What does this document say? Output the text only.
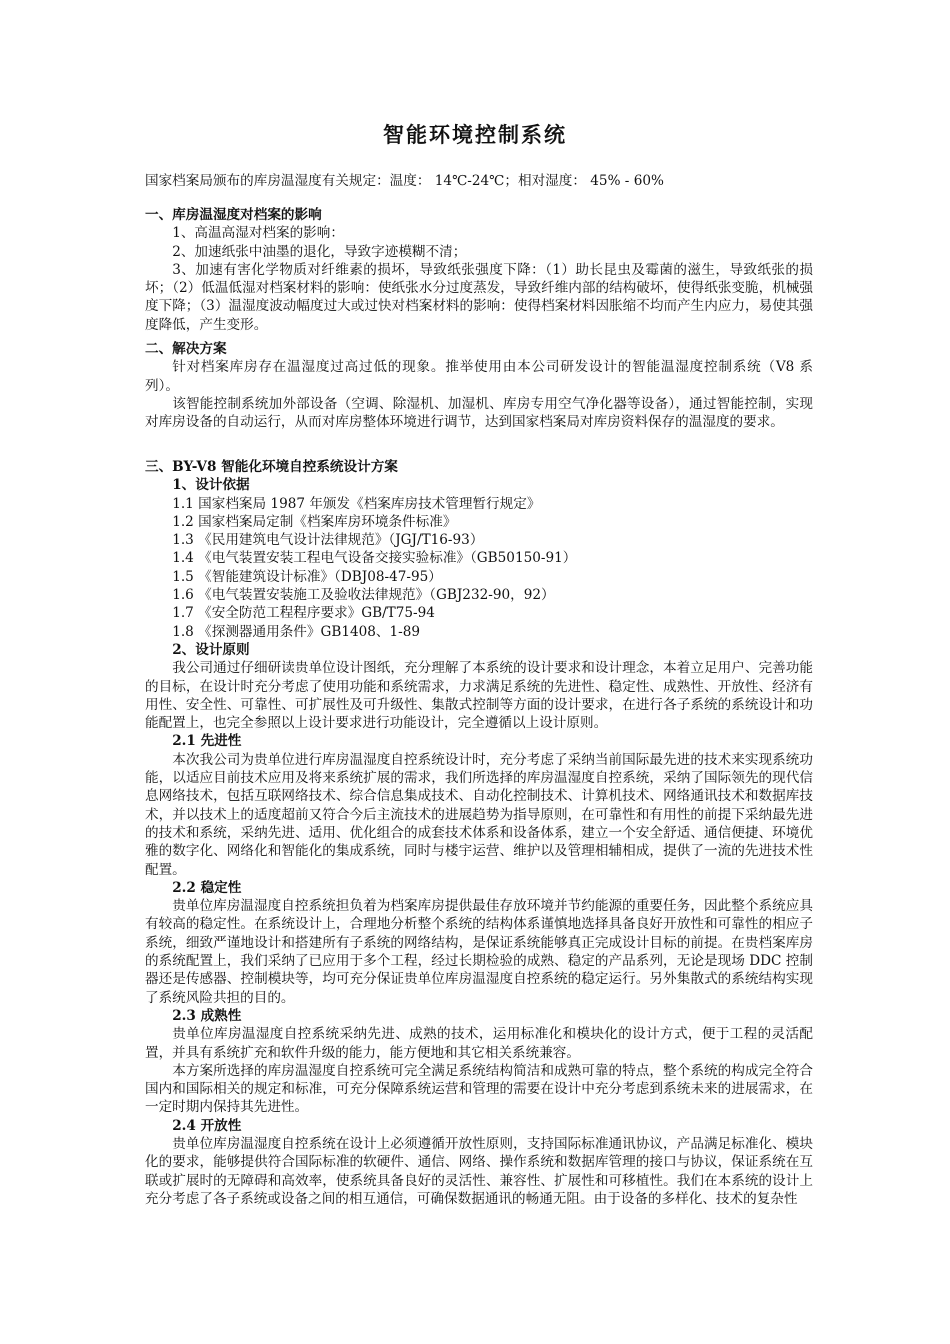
智能环境控制系统

国家档案局颁布的库房温湿度有关规定：温度： 14℃-24℃；相对湿度： 45% - 60%

一、库房温湿度对档案的影响

1、高温高湿对档案的影响：

2、加速纸张中油墨的退化，导致字迹模糊不清；

3、加速有害化学物质对纤维素的损坏，导致纸张强度下降：（1）助长昆虫及霉菌的滋生，导致纸张的损坏；（2）低温低湿对档案材料的影响：使纸张水分过度蒸发，导致纤维内部的结构破坏，使得纸张变脆，机械强度下降；（3）温湿度波动幅度过大或过快对档案材料的影响：使得档案材料因胀缩不均而产生内应力，易使其强度降低，产生变形。

二、解决方案

针对档案库房存在温湿度过高过低的现象。推举使用由本公司研发设计的智能温湿度控制系统（V8 系列）。

该智能控制系统加外部设备（空调、除湿机、加湿机、库房专用空气净化器等设备），通过智能控制，实现对库房设备的自动运行，从而对库房整体环境进行调节，达到国家档案局对库房资料保存的温湿度的要求。

三、BY-V8 智能化环境自控系统设计方案

1、设计依据

1.1 国家档案局 1987 年颁发《档案库房技术管理暂行规定》

1.2 国家档案局定制《档案库房环境条件标准》

1.3 《民用建筑电气设计法律规范》（JGJ/T16-93）

1.4 《电气装置安装工程电气设备交接实验标准》（GB50150-91）

1.5 《智能建筑设计标准》（DBJ08-47-95）

1.6 《电气装置安装施工及验收法律规范》（GBJ232-90，92）

1.7 《安全防范工程程序要求》GB/T75-94

1.8 《探测器通用条件》GB1408、1-89

2、设计原则

我公司通过仔细研读贵单位设计图纸，充分理解了本系统的设计要求和设计理念，本着立足用户、完善功能的目标，在设计时充分考虑了使用功能和系统需求，力求满足系统的先进性、稳定性、成熟性、开放性、经济有用性、安全性、可靠性、可扩展性及可升级性、集散式控制等方面的设计要求，在进行各子系统的系统设计和功能配置上，也完全参照以上设计要求进行功能设计，完全遵循以上设计原则。

2.1 先进性

本次我公司为贵单位进行库房温湿度自控系统设计时，充分考虑了采纳当前国际最先进的技术来实现系统功能，以适应目前技术应用及将来系统扩展的需求，我们所选择的库房温湿度自控系统，采纳了国际领先的现代信息网络技术，包括互联网络技术、综合信息集成技术、自动化控制技术、计算机技术、网络通讯技术和数据库技术，并以技术上的适度超前又符合今后主流技术的进展趋势为指导原则，在可靠性和有用性的前提下采纳最先进的技术和系统，采纳先进、适用、优化组合的成套技术体系和设备体系，建立一个安全舒适、通信便捷、环境优雅的数字化、网络化和智能化的集成系统，同时与楼宇运营、维护以及管理相辅相成，提供了一流的先进技术性配置。

2.2 稳定性

贵单位库房温湿度自控系统担负着为档案库房提供最佳存放环境并节约能源的重要任务，因此整个系统应具有较高的稳定性。在系统设计上，合理地分析整个系统的结构体系谨慎地选择具备良好开放性和可靠性的相应子系统，细致严谨地设计和搭建所有子系统的网络结构，是保证系统能够真正完成设计目标的前提。在贵档案库房的系统配置上，我们采纳了已应用于多个工程，经过长期检验的成熟、稳定的产品系列，无论是现场 DDC 控制器还是传感器、控制模块等，均可充分保证贵单位库房温湿度自控系统的稳定运行。另外集散式的系统结构实现了系统风险共担的目的。

2.3 成熟性

贵单位库房温湿度自控系统采纳先进、成熟的技术，运用标准化和模块化的设计方式，便于工程的灵活配置，并具有系统扩充和软件升级的能力，能方便地和其它相关系统兼容。

本方案所选择的库房温湿度自控系统可完全满足系统结构简洁和成熟可靠的特点，整个系统的构成完全符合国内和国际相关的规定和标准，可充分保障系统运营和管理的需要在设计中充分考虑到系统未来的进展需求，在一定时期内保持其先进性。

2.4 开放性

贵单位库房温湿度自控系统在设计上必须遵循开放性原则，支持国际标准通讯协议，产品满足标准化、模块化的要求，能够提供符合国际标准的软硬件、通信、网络、操作系统和数据库管理的接口与协议，保证系统在互联或扩展时的无障碍和高效率，使系统具备良好的灵活性、兼容性、扩展性和可移植性。我们在本系统的设计上充分考虑了各子系统或设备之间的相互通信，可确保数据通讯的畅通无阻。由于设备的多样化、技术的复杂性
